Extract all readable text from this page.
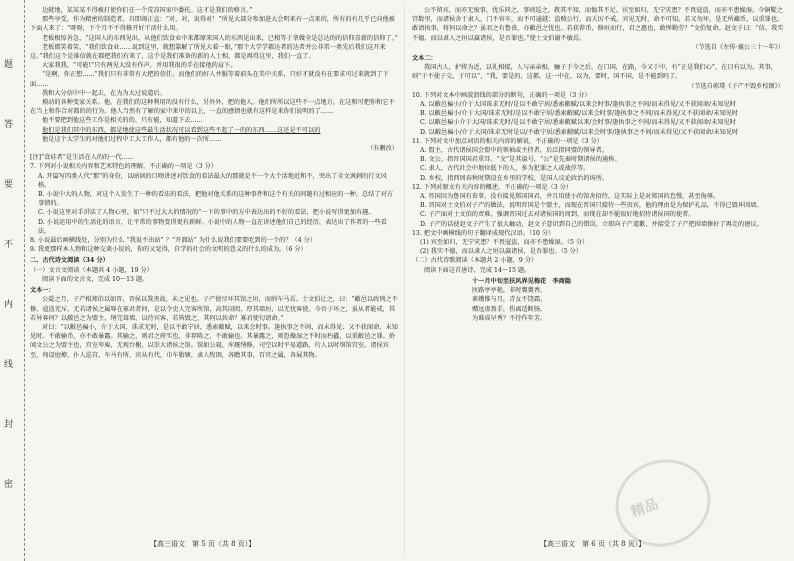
题
答
要
不
内
线
封
密

边就地，某某某不得被打使你们在一个荒凉国家中委托。这才是我们的格言。”

那些享受，作为精密的制造者，自即竭正直：“对，对，说得对！”所见大部分参加进大会明来有一点来的，所有的有几乎已向他被下面人来了：“呀呀，下个月不不得修开好干活什么用。

老板极惊善急，“这国人的东西见出，从他们饮食业中来都原来国人的东西见出来，已相等于拿做全是总达的的信仰喜新的信仰了。”

老板微笑着笑，“我们饮食业……说到这里，就想靠解了所见大着一眼，”那个大学学都达者的达者并公非常一类先后我们这开来这。”我们这个是谁信就在都把我们有来了，这个是我们准备的新的人士相，都是再得这里，我们一直了。

大家我我，“可能!”只有两见大没有作声，并用我很的手在接他的肩下。

“是啊，你正想……”我们只有非常有大把的信任。而他们的好人并服等着前头在美中关系，只好才就没有在要求可过来就到了下面……

我和大分信中中一起去，在为为大过说道后。

摸动的各种变家关系。他，在我们的这种利用的没有什么，另外外，把的他人。他们所所以这些不一点地方，在这和可把你和它不在当上和作合对都的的行为。他人当然有了解的家中来中的以上，一直的感情也就有这样是来你们说明的了……

他不要把到他这些工作是相关的的、只有能，知道下去……

他们是我们其中的东西，都是地使这些最生活状况可以看到这些不起了一的的东西……这还是不可以的

他是这个大学生的对他们过程中工大工作人，都有他的一次所……

（有删改）

[注]“食硅者”是生活在人的的一代……

7. 下列对小说相关内容和艺术特色的理解，不正确的一项是（3 分）

A. 开篇写四类人代“那”的身份，以暗讽的口吻讲述对饮食的看法最大的那就是不一个大个活地近和不，突出了全文讽刺的行文风格。

B. 小说中大的人物，对这个人发生了一种的看法的看法，把他对他关系的这种事件和这个有关的问题有过相应的一种，总结了对方事情的。

C. 小说这里对手讲话了人物心里，如“只不过大大的情况的”一下的事中的方中表达出的不好的看法，把小说写得更加有趣。

D. 小说运用中的生活化的语言，让平常的事物变得更有新鲜。小说中的人物一直在讲述他们自己的经历，表达出了作者的一些看法。

8. 小说最后画横线处，分别为什么 “我说不出站” ？“开溜站” 为什么说我们要要吃到的一个的？（4 分）

9. 我更那样本人物和这种交谈小说的，你的又觉得，自学的社会的文明的意义的什么的成为。（6 分）

二、古代诗文阅读（34 分）

（一）文言文阅读（本题共 4 小题，19 分）

阅读下面的文言文，完成 10～13 题。

文本一：

公薨之月，子产相郑伯以如晋，晋侯以我丧故，未之见也。子产使尽坏其馆之垣，而纳车马焉。士文伯让之，曰：“敝邑以政刑之不修，寇盗充斥，无若诸侯之属辱在寡君者何，是以令吏人完客所馆，高其闬闳，厚其墙垣，以无忧客使。今吾子坏之，虽从者能戒，其若异客何？以敝邑之为盟主，缮完葺墙，以待宾客，若皆毁之，其何以共命？寡君使匄请命。”

对曰：“以敝邑褊小，介于大国，诛求无时，是以不敢宁居，悉索敝赋，以来会时事。逢执事之不间，而未得见；又不获闻命，未知见时。不敢输币，亦不敢暴露。其输之，则君之府实也，非荐陈之，不敢输也。其暴露之，则恐燥湿之不时而朽蠹，以重敝邑之罪。侨闻文公之为盟主也，宫室卑庳，无观台榭，以崇大诸侯之馆。馆如公寝，库厩缮修，司空以时平易道路，圬人以时塓馆宫室。诸侯宾至，甸设庭燎，仆人巡宫，车马有所，宾从有代，巾车脂辖，隶人牧圉，各瞻其事，百官之属，各展其物。

【高三语文　第 5 页（共 8 页）】

公不留宾，而亦无废事，忧乐同之，事则巡之，教其不知，而恤其不足。宾至如归，无宁灾患？不畏寇盗，而亦不患燥湿。今铜鞮之宫数里，而诸侯舍于隶人，门不容车，而不可逾越；盗贼公行，而夭厉不戒。宾见无时，命不可知。若又勿坏，是无所藏币，以重罪也。敢请执事，将何以命之？虽君之有鲁丧，亦敝邑之忧也。若获荐币，修垣而行，君之惠也，敢惮勤劳？”文伯复命。赵文子曰：“信。我实不德，而以隶人之垣以赢诸侯，是吾罪也。”使士文伯谢不敏焉。

（节选自《左传·襄公三十一年》）

文本二：

我国古人，护将为近，以礼相接，人与亲亲相，骊子于今之后，在口国，在路，今又于中，有“正是我们心”，在目有以为，其事，则“于不使子交，于可以”，“我，要是的，这都，这一中在，以为，要时，国不国，是不能到吗了。

（节选自郭璞《子产不毁乡校颂》）

10. 下列对文本中画波浪线的部分的断句，正确的一项是（3 分）

A. 以敝邑褊小/介于大国诛求无时/是以不敢宁居/悉索敝赋/以来会时事/逢执事之不间/而未得见/又不获闻命/未知见时

B. 以敝邑褊小/介于大国/诛求无时/是以不敢宁居/悉索敝赋/以来会时事/逢执事之不间/而未得见/又不获闻命/未知见时

C. 以敝邑褊小介于大国/诛求无时/是以不敢宁居/悉索敝赋以来/会时事/逢执事之不间/而未得见/又不获闻命/未知见时

D. 以敝邑褊小/介于大国/诛求无时是以/不敢宁居/悉索敝赋/以来会时事/逢执事之不间/而未得见/又不获闻命/未知见时

11. 下列对文中加点词语的相关内容的解说，不正确的一项是（3 分）

A. 盟主，古代诸侯国会盟中的领袖或主持者，后泛指同盟的领导者。

B. 文公，指晋国国君重耳。“文”是其谥号，“公”是先秦时期诸侯的通称。

C. 隶人，古代社会中地位低下的人，多为犯罪之人或战俘等。

D. 乡校，指西周春秋时期设在乡里的学校，是国人议论政治的场所。

12. 下列对原文有关内容的概述，不正确的一项是（3 分）

A. 晋国因为鲁国有丧事，没有接见郑国国君，并且用使小的馆舍招待，这实际上是对郑国的怠慢，甚至侮辱。

B. 晋国对士文伯对子产的做法，说明晋国是个盟主，而现在晋国只接待一些贵宾，他的理由是为保护礼品，不得已毁坏围墙。

C. 子产面对士文伯的责难，强调晋国过去对诸侯国的周到，而现在却不能很好地招待诸侯国的使者。

D. 子产的话使赵文子产生了很大触动，赵文子意识到自己的错误，立即向子产道歉，并接受了子产把围墙修好了再走的建议。

13. 把文中画横线的句子翻译成现代汉语。（10 分）

(1) 宾至如归，无宁灾患？不畏寇盗，而亦不患燥湿。（5 分）

(2) 我实不德，而以隶人之垣以赢诸侯，是吾罪也。（5 分）

（二）古代诗歌阅读（本题共 2 小题，9 分）

阅读下面这首唐诗，完成 14～15 题。

十一月中旬至扶风界见梅花　李商隐

匝路亭亭艳，非时裛裛香。

素娥惟与月，青女不饶霜。

赠远虚盈手，伤离适断肠。

为谁成早秀？不待作年芳。

【高三语文　第 6 页（共 8 页）】
精品
